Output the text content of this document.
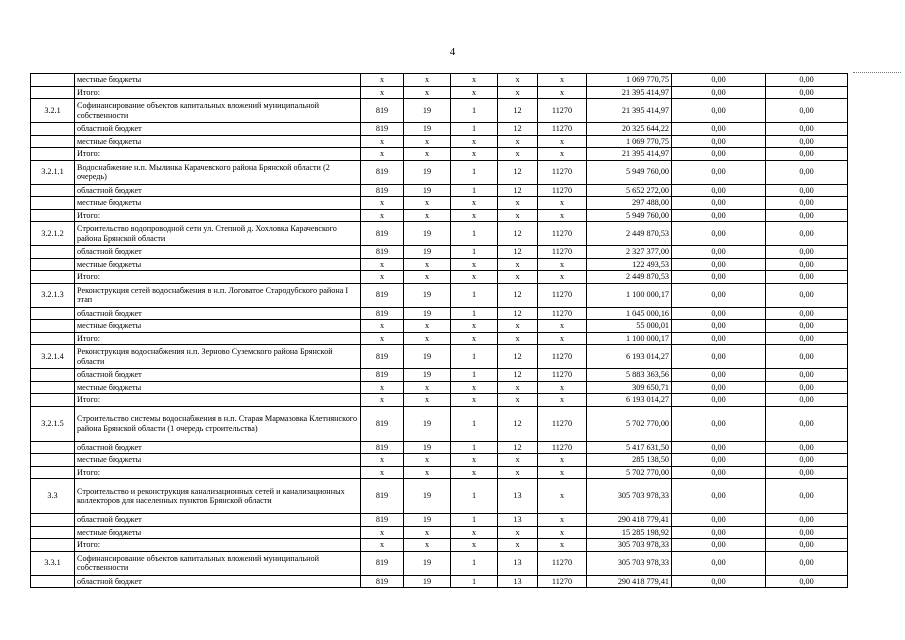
4
	местные бюджеты	х	х	х	х	х	1 069 770,75	0,00	0,00
	Итого:	х	х	х	х	х	21 395 414,97	0,00	0,00
3.2.1	Софинансирование объектов капитальных вложений муниципальной собственности	819	19	1	12	11270	21 395 414,97	0,00	0,00
	областной бюджет	819	19	1	12	11270	20 325 644,22	0,00	0,00
	местные бюджеты	х	х	х	х	х	1 069 770,75	0,00	0,00
	Итого:	х	х	х	х	х	21 395 414,97	0,00	0,00
3.2.1.1	Водоснабжение н.п. Мылинка Карачевского района Брянской области (2 очередь)	819	19	1	12	11270	5 949 760,00	0,00	0,00
	областной бюджет	819	19	1	12	11270	5 652 272,00	0,00	0,00
	местные бюджеты	х	х	х	х	х	297 488,00	0,00	0,00
	Итого:	х	х	х	х	х	5 949 760,00	0,00	0,00
3.2.1.2	Строительство водопроводной сети ул. Степной д. Хохловка Карачевского района Брянской области	819	19	1	12	11270	2 449 870,53	0,00	0,00
	областной бюджет	819	19	1	12	11270	2 327 377,00	0,00	0,00
	местные бюджеты	х	х	х	х	х	122 493,53	0,00	0,00
	Итого:	х	х	х	х	х	2 449 870,53	0,00	0,00
3.2.1.3	Реконструкция сетей водоснабжения в н.п. Логоватое Стародубского района I этап	819	19	1	12	11270	1 100 000,17	0,00	0,00
	областной бюджет	819	19	1	12	11270	1 045 000,16	0,00	0,00
	местные бюджеты	х	х	х	х	х	55 000,01	0,00	0,00
	Итого:	х	х	х	х	х	1 100 000,17	0,00	0,00
3.2.1.4	Реконструкция водоснабжения н.п. Зерново Суземского района Брянской области	819	19	1	12	11270	6 193 014,27	0,00	0,00
	областной бюджет	819	19	1	12	11270	5 883 363,56	0,00	0,00
	местные бюджеты	х	х	х	х	х	309 650,71	0,00	0,00
	Итого:	х	х	х	х	х	6 193 014,27	0,00	0,00
3.2.1.5	Строительство системы водоснабжения в н.п. Старая Мармазовка Клетнянского района Брянской области (1 очередь строительства)	819	19	1	12	11270	5 702 770,00	0,00	0,00
	областной бюджет	819	19	1	12	11270	5 417 631,50	0,00	0,00
	местные бюджеты	х	х	х	х	х	285 138,50	0,00	0,00
	Итого:	х	х	х	х	х	5 702 770,00	0,00	0,00
3.3	Строительство и реконструкция канализационных сетей и канализационных коллекторов для населенных пунктов Брянской области	819	19	1	13	х	305 703 978,33	0,00	0,00
	областной бюджет	819	19	1	13	х	290 418 779,41	0,00	0,00
	местные бюджеты	х	х	х	х	х	15 285 198,92	0,00	0,00
	Итого:	х	х	х	х	х	305 703 978,33	0,00	0,00
3.3.1	Софинансирование объектов капитальных вложений муниципальной собственности	819	19	1	13	11270	305 703 978,33	0,00	0,00
	областной бюджет	819	19	1	13	11270	290 418 779,41	0,00	0,00
